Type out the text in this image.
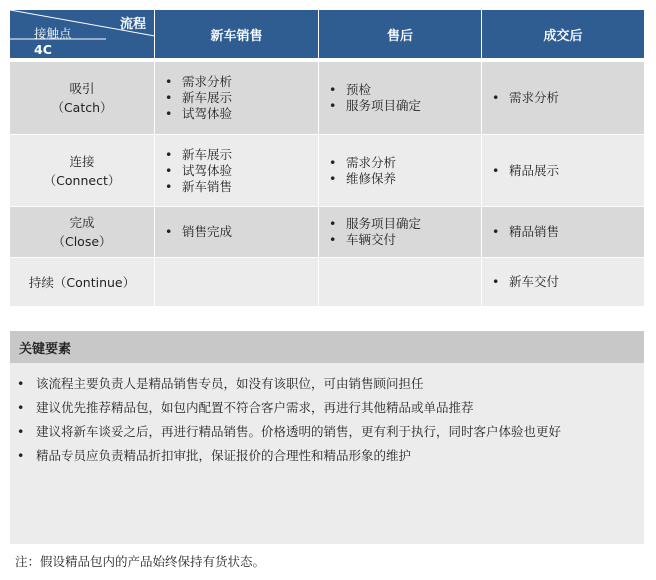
流程
接触点
4C
新车销售	售后	成交后
吸引
（Catch）
• 需求分析
• 新车展示
• 试驾体验
• 预检
• 服务项目确定
• 需求分析
连接
（Connect）
• 新车展示
• 试驾体验
• 新车销售
• 需求分析
• 维修保养
• 精品展示
完成
（Close）
• 销售完成
• 服务项目确定
• 车辆交付
• 精品销售
持续（Continue）
•	新车交付
关键要素
• 该流程主要负责人是精品销售专员，如没有该职位，可由销售顾问担任
• 建议优先推荐精品包，如包内配置不符合客户需求，再进行其他精品或单品推荐
• 建议将新车谈妥之后，再进行精品销售。价格透明的销售，更有利于执行，同时客户体验也更好
• 精品专员应负责精品折扣审批，保证报价的合理性和精品形象的维护
注：假设精品包内的产品始终保持有货状态。
